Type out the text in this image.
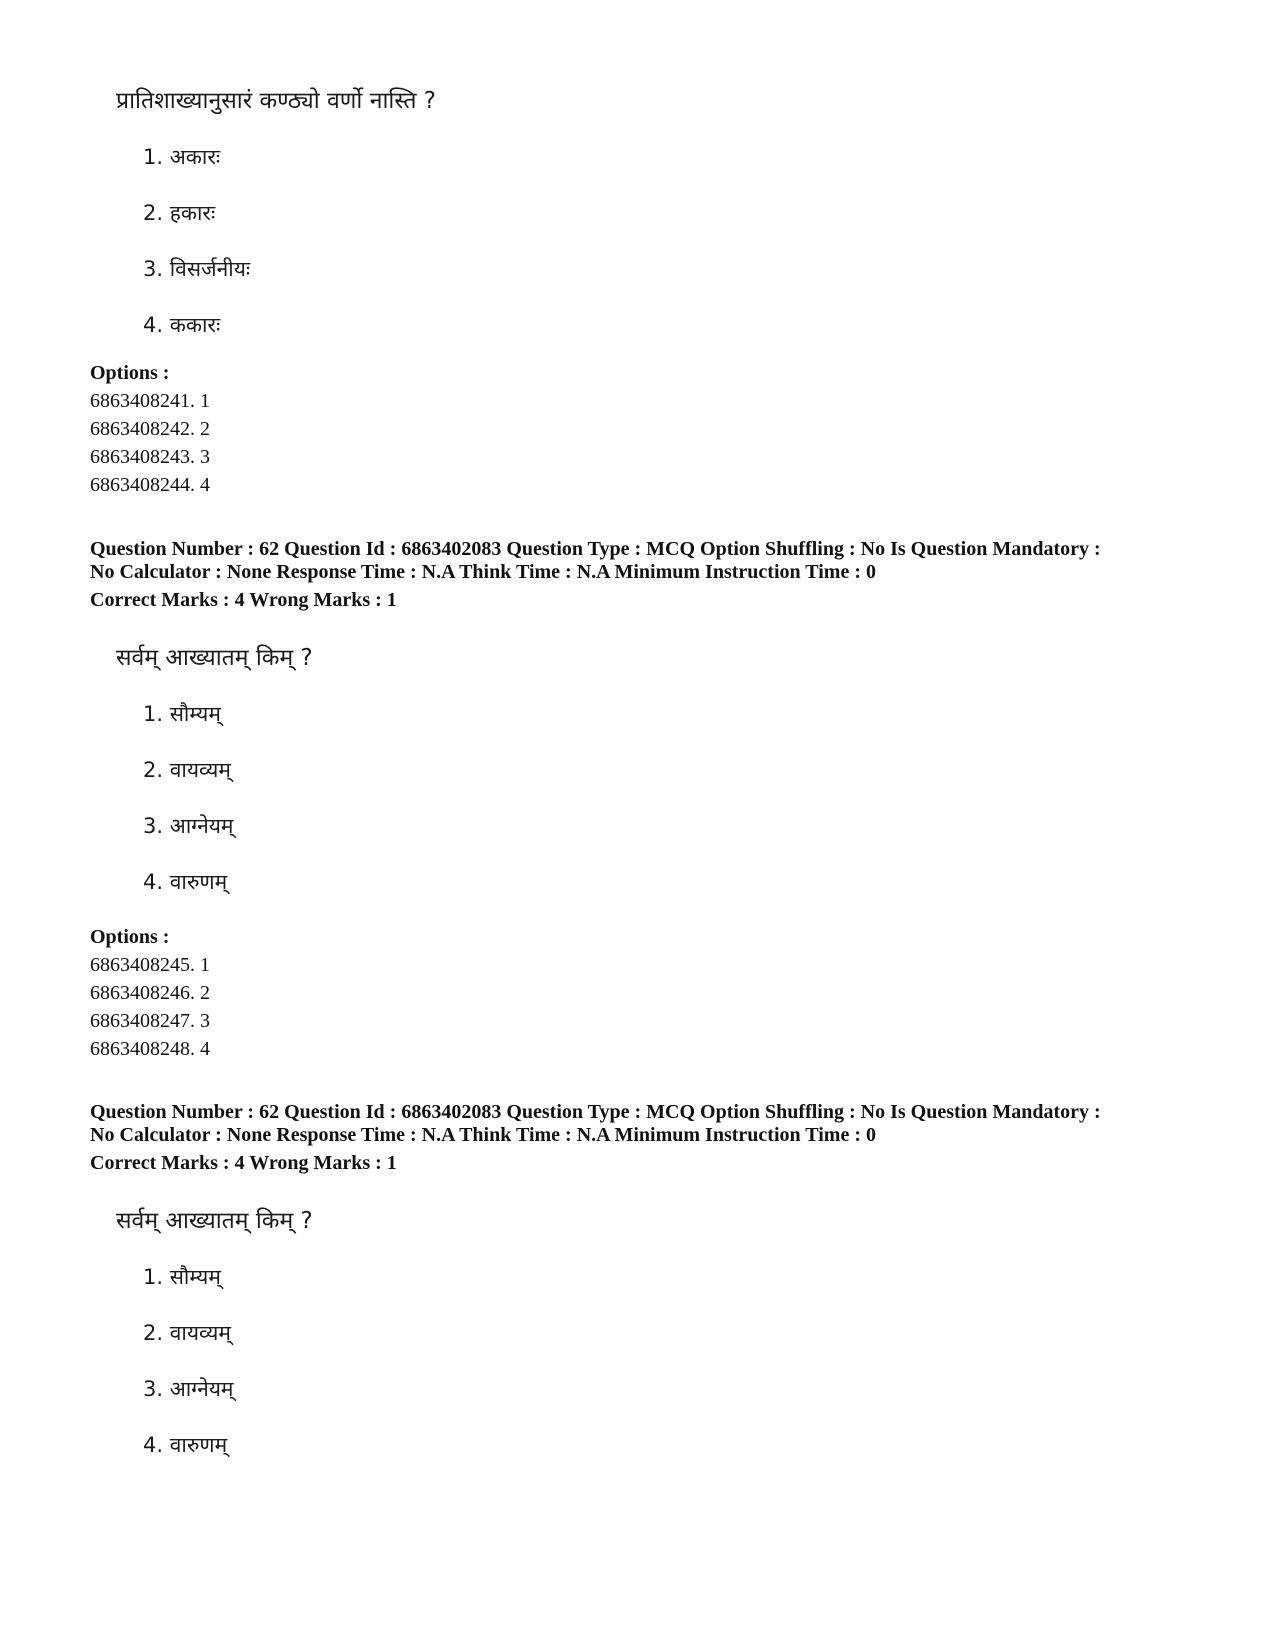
प्रातिशाख्यानुसारं कण्ठ्यो वर्णो नास्ति ?
1. अकारः
2. हकारः
3. विसर्जनीयः
4. ककारः
Options :
6863408241. 1
6863408242. 2
6863408243. 3
6863408244. 4
Question Number : 62 Question Id : 6863402083 Question Type : MCQ Option Shuffling : No Is Question Mandatory :
No Calculator : None Response Time : N.A Think Time : N.A Minimum Instruction Time : 0
Correct Marks : 4 Wrong Marks : 1
सर्वम् आख्यातम् किम् ?
1. सौम्यम्
2. वायव्यम्
3. आग्नेयम्
4. वारुणम्
Options :
6863408245. 1
6863408246. 2
6863408247. 3
6863408248. 4
Question Number : 62 Question Id : 6863402083 Question Type : MCQ Option Shuffling : No Is Question Mandatory :
No Calculator : None Response Time : N.A Think Time : N.A Minimum Instruction Time : 0
Correct Marks : 4 Wrong Marks : 1
सर्वम् आख्यातम् किम् ?
1. सौम्यम्
2. वायव्यम्
3. आग्नेयम्
4. वारुणम्
